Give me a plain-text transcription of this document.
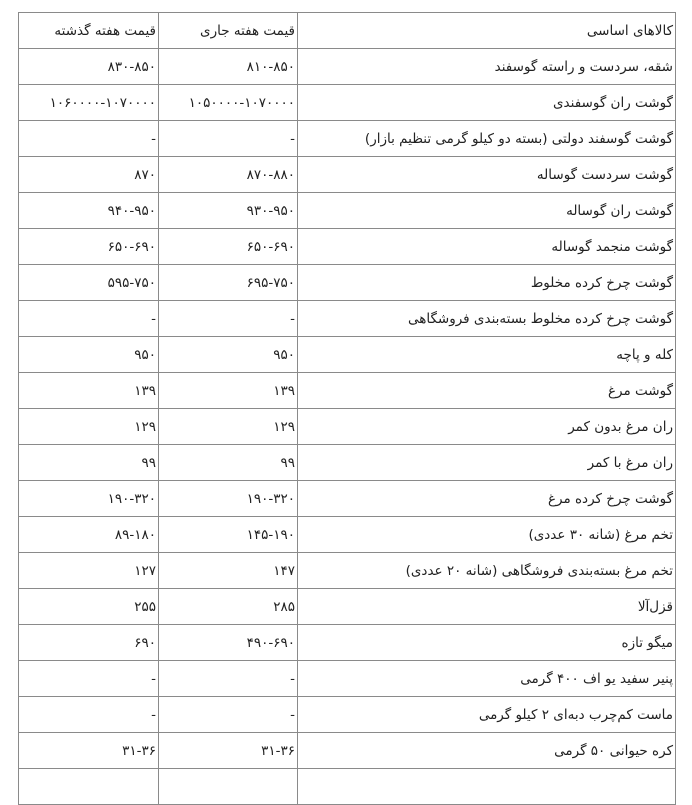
کالاهای اساسی	قیمت هفته جاری	قیمت هفته گذشته
شقه، سردست و راسته گوسفند	۸۱۰-۸۵۰	۸۳۰-۸۵۰
گوشت ران گوسفندی	۱۰۵۰۰۰۰-۱۰۷۰۰۰۰	۱۰۶۰۰۰۰-۱۰۷۰۰۰۰
گوشت گوسفند دولتی (بسته دو کیلو گرمی تنظیم بازار)	-	-
گوشت سردست گوساله	۸۷۰-۸۸۰	۸۷۰
گوشت ران گوساله	۹۳۰-۹۵۰	۹۴۰-۹۵۰
گوشت منجمد گوساله	۶۵۰-۶۹۰	۶۵۰-۶۹۰
گوشت چرخ کرده مخلوط	۶۹۵-۷۵۰	۵۹۵-۷۵۰
گوشت چرخ کرده مخلوط بسته‌بندی فروشگاهی	-	-
کله و پاچه	۹۵۰	۹۵۰
گوشت مرغ	۱۳۹	۱۳۹
ران مرغ بدون کمر	۱۲۹	۱۲۹
ران مرغ با کمر	۹۹	۹۹
گوشت چرخ کرده مرغ	۱۹۰-۳۲۰	۱۹۰-۳۲۰
تخم مرغ (شانه ۳۰ عددی)	۱۴۵-۱۹۰	۸۹-۱۸۰
تخم مرغ بسته‌بندی فروشگاهی (شانه ۲۰ عددی)	۱۴۷	۱۲۷
قزل‌آلا	۲۸۵	۲۵۵
میگو تازه	۴۹۰-۶۹۰	۶۹۰
پنیر سفید یو اف ۴۰۰ گرمی	-	-
ماست کم‌چرب دبه‌ای ۲ کیلو گرمی	-	-
کره حیوانی ۵۰ گرمی	۳۱-۳۶	۳۱-۳۶
